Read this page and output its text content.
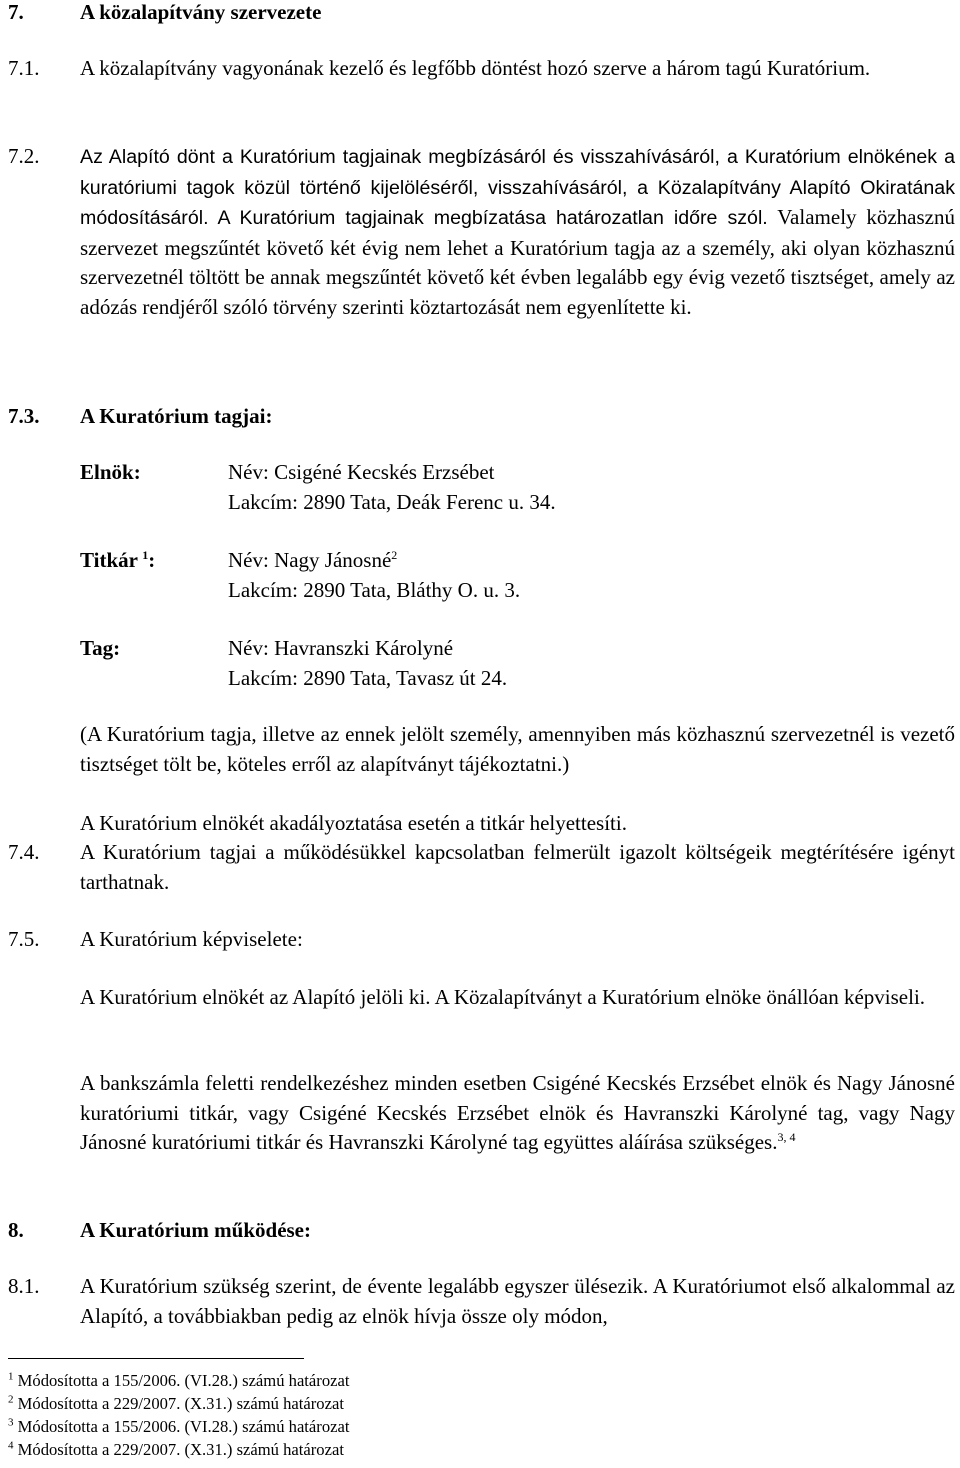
7.	A közalapítvány szervezete
7.1. A közalapítvány vagyonának kezelő és legfőbb döntést hozó szerve a három tagú Kuratórium.
7.2. Az Alapító dönt a Kuratórium tagjainak megbízásáról és visszahívásáról, a Kuratórium elnökének a kuratóriumi tagok közül történő kijelöléséről, visszahívásáról, a Közalapítvány Alapító Okiratának módosításáról. A Kuratórium tagjainak megbízatása határozatlan időre szól. Valamely közhasznú szervezet megszűntét követő két évig nem lehet a Kuratórium tagja az a személy, aki olyan közhasznú szervezetnél töltött be annak megszűntét követő két évben legalább egy évig vezető tisztséget, amely az adózás rendjéről szóló törvény szerinti köztartozását nem egyenlítette ki.
7.3. A Kuratórium tagjai:
Elnök:	Név: Csigéné Kecskés Erzsébet
Lakcím: 2890 Tata, Deák Ferenc u. 34.
Titkár  $^1$:	Név: Nagy Jánosné$^2$
Lakcím: 2890 Tata, Bláthy O. u. 3.
Tag:	Név: Havranszki Károlyné
Lakcím: 2890 Tata, Tavasz út 24.
(A Kuratórium tagja, illetve az ennek jelölt személy, amennyiben más közhasznú szervezetnél is vezető tisztséget tölt be, köteles erről az alapítványt tájékoztatni.)
A Kuratórium elnökét akadályoztatása esetén a titkár helyettesíti.
7.4. A Kuratórium tagjai a működésükkel kapcsolatban felmerült igazolt költségeik megtérítésére igényt tarthatnak.
7.5. A Kuratórium képviselete:
A Kuratórium elnökét az Alapító jelöli ki. A Közalapítványt a Kuratórium elnöke önállóan képviseli.
A bankszámla feletti rendelkezéshez minden esetben Csigéné Kecskés Erzsébet elnök és Nagy Jánosné kuratóriumi titkár, vagy Csigéné Kecskés Erzsébet elnök és Havranszki Károlyné tag, vagy Nagy Jánosné kuratóriumi titkár és Havranszki Károlyné tag együttes aláírása szükséges.$^{3, 4}$
8.	A Kuratórium működése:
8.1. A Kuratórium szükség szerint, de évente legalább egyszer ülésezik. A Kuratóriumot első alkalommal az Alapító, a továbbiakban pedig az elnök hívja össze oly módon,
$^1$ Módosította a 155/2006. (VI.28.) számú határozat
$^2$ Módosította a 229/2007. (X.31.) számú határozat
$^3$ Módosította a 155/2006. (VI.28.) számú határozat
$^4$ Módosította a 229/2007. (X.31.) számú határozat
